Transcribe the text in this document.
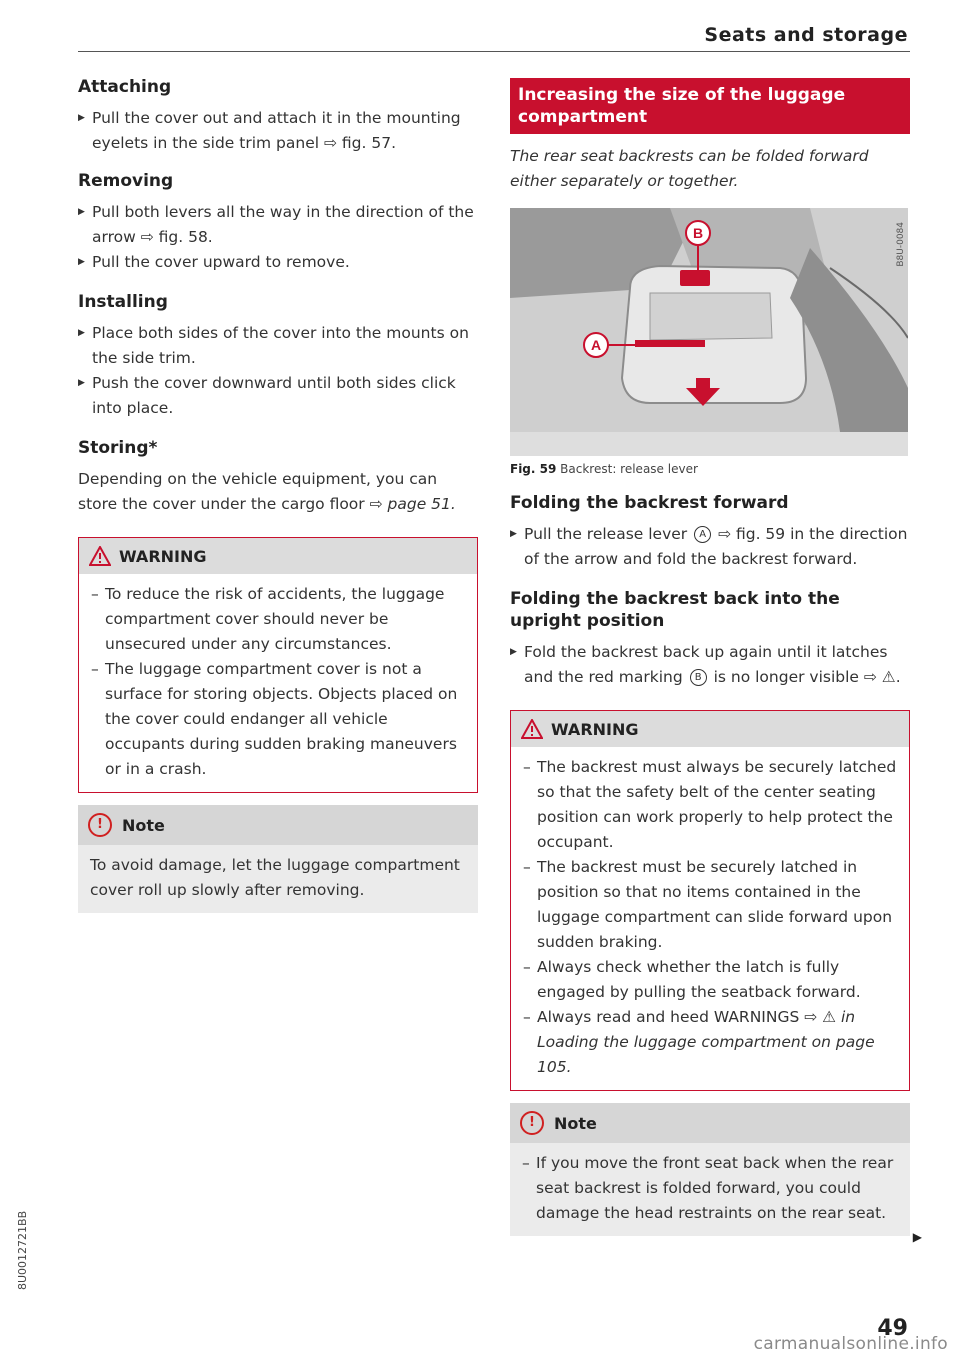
Seats and storage
Attaching
▶ Pull the cover out and attach it in the mounting eyelets in the side trim panel ⇨ fig. 57.
Removing
▶ Pull both levers all the way in the direction of the arrow ⇨ fig. 58.
▶ Pull the cover upward to remove.
Installing
▶ Place both sides of the cover into the mounts on the side trim.
▶ Push the cover downward until both sides click into place.
Storing*

Depending on the vehicle equipment, you can store the cover under the cargo floor ⇨ page 51.

WARNING
– To reduce the risk of accidents, the luggage compartment cover should never be unsecured under any circumstances.
– The luggage compartment cover is not a surface for storing objects. Objects placed on the cover could endanger all vehicle occupants during sudden braking maneuvers or in a crash.
!	Note

To avoid damage, let the luggage compartment cover roll up slowly after removing.

Increasing the size of the luggage compartment

The rear seat backrests can be folded forward either separately or together.

B
A
B8U-0084
Fig. 59 Backrest: release lever
Folding the backrest forward
▶ Pull the release lever A ⇨ fig. 59 in the direction of the arrow and fold the backrest forward.
Folding the backrest back into the upright position
▶ Fold the backrest back up again until it latches and the red marking B is no longer visible ⇨ ⚠.
WARNING
– The backrest must always be securely latched so that the safety belt of the center seating position can work properly to help protect the occupant.
– The backrest must be securely latched in position so that no items contained in the luggage compartment can slide forward upon sudden braking.
– Always check whether the latch is fully engaged by pulling the seatback forward.
– Always read and heed WARNINGS ⇨ ⚠ in Loading the luggage compartment on page 105.
!	Note
– If you move the front seat back when the rear seat backrest is folded forward, you could damage the head restraints on the rear seat.
▶
49
8U0012721BB
carmanualsonline.info
